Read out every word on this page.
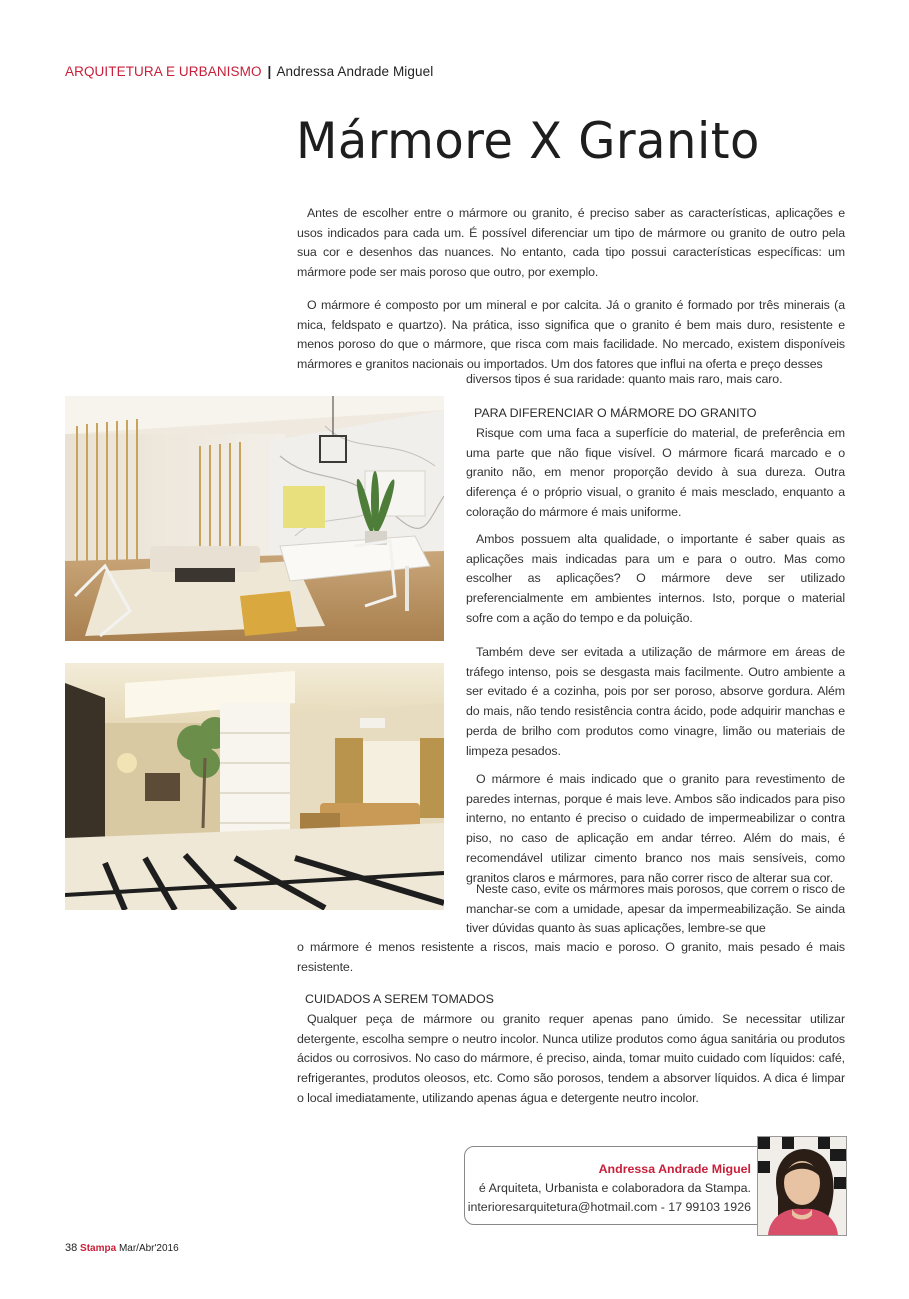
ARQUITETURA E URBANISMO | Andressa Andrade Miguel
Mármore X Granito
Antes de escolher entre o mármore ou granito, é preciso saber as características, aplicações e usos indicados para cada um. É possível diferenciar um tipo de mármore ou granito de outro pela sua cor e desenhos das nuances. No entanto, cada tipo possui características específicas: um mármore pode ser mais poroso que outro, por exemplo.
O mármore é composto por um mineral e por calcita. Já o granito é formado por três minerais (a mica, feldspato e quartzo). Na prática, isso significa que o granito é bem mais duro, resistente e menos poroso do que o mármore, que risca com mais facilidade. No mercado, existem disponíveis mármores e granitos nacionais ou importados. Um dos fatores que influi na oferta e preço desses
diversos tipos é sua raridade: quanto mais raro, mais caro.
PARA DIFERENCIAR O MÁRMORE DO GRANITO
Risque com uma faca a superfície do material, de preferência em uma parte que não fique visível. O mármore ficará marcado e o granito não, em menor proporção devido à sua dureza. Outra diferença é o próprio visual, o granito é mais mesclado, enquanto a coloração do mármore é mais uniforme.
Ambos possuem alta qualidade, o importante é saber quais as aplicações mais indicadas para um e para o outro. Mas como escolher as aplicações? O mármore deve ser utilizado preferencialmente em ambientes internos. Isto, porque o material sofre com a ação do tempo e da poluição.
Também deve ser evitada a utilização de mármore em áreas de tráfego intenso, pois se desgasta mais facilmente. Outro ambiente a ser evitado é a cozinha, pois por ser poroso, absorve gordura. Além do mais, não tendo resistência contra ácido, pode adquirir manchas e perda de brilho com produtos como vinagre, limão ou materiais de limpeza pesados.
O mármore é mais indicado que o granito para revestimento de paredes internas, porque é mais leve. Ambos são indicados para piso interno, no entanto é preciso o cuidado de impermeabilizar o contra piso, no caso de aplicação em andar térreo. Além do mais, é recomendável utilizar cimento branco nos mais sensíveis, como granitos claros e mármores, para não correr risco de alterar sua cor.
Neste caso, evite os mármores mais porosos, que correm o risco de manchar-se com a umidade, apesar da impermeabilização. Se ainda tiver dúvidas quanto às suas aplicações, lembre-se que
o mármore é menos resistente a riscos, mais macio e poroso. O granito, mais pesado é mais resistente.
CUIDADOS A SEREM TOMADOS
Qualquer peça de mármore ou granito requer apenas pano úmido. Se necessitar utilizar detergente, escolha sempre o neutro incolor. Nunca utilize produtos como água sanitária ou produtos ácidos ou corrosivos. No caso do mármore, é preciso, ainda, tomar muito cuidado com líquidos: café, refrigerantes, produtos oleosos, etc. Como são porosos, tendem a absorver líquidos. A dica é limpar o local imediatamente, utilizando apenas água e detergente neutro incolor.
Andressa Andrade Miguel
é Arquiteta, Urbanista e colaboradora da Stampa.
interioresarquitetura@hotmail.com - 17 99103 1926
38 Stampa Mar/Abr'2016
